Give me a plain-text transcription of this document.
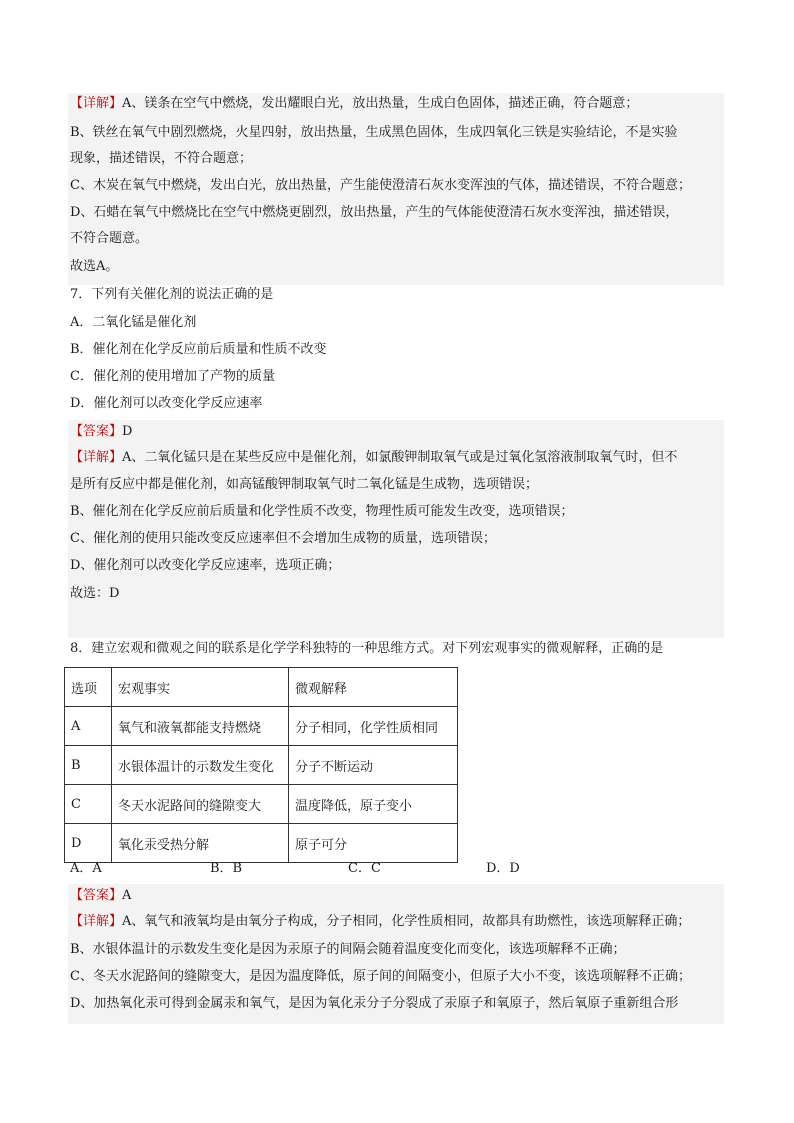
【详解】A、镁条在空气中燃烧，发出耀眼白光，放出热量，生成白色固体，描述正确，符合题意；
B、铁丝在氧气中剧烈燃烧，火星四射，放出热量，生成黑色固体，生成四氧化三铁是实验结论，不是实验
现象，描述错误，不符合题意；
C、木炭在氧气中燃烧，发出白光，放出热量，产生能使澄清石灰水变浑浊的气体，描述错误，不符合题意；
D、石蜡在氧气中燃烧比在空气中燃烧更剧烈，放出热量，产生的气体能使澄清石灰水变浑浊，描述错误，
不符合题意。
故选A。
7．下列有关催化剂的说法正确的是
A．二氧化锰是催化剂
B．催化剂在化学反应前后质量和性质不改变
C．催化剂的使用增加了产物的质量
D．催化剂可以改变化学反应速率
【答案】D
【详解】A、二氧化锰只是在某些反应中是催化剂，如氯酸钾制取氧气或是过氧化氢溶液制取氧气时，但不
是所有反应中都是催化剂，如高锰酸钾制取氧气时二氧化锰是生成物，选项错误；
B、催化剂在化学反应前后质量和化学性质不改变，物理性质可能发生改变，选项错误；
C、催化剂的使用只能改变反应速率但不会增加生成物的质量，选项错误；
D、催化剂可以改变化学反应速率，选项正确；
故选：D
8．建立宏观和微观之间的联系是化学学科独特的一种思维方式。对下列宏观事实的微观解释，正确的是
选项	宏观事实	微观解释
A	氧气和液氧都能支持燃烧	分子相同，化学性质相同
B	水银体温计的示数发生变化	分子不断运动
C	冬天水泥路间的缝隙变大	温度降低，原子变小
D	氧化汞受热分解	原子可分
A．A	B．B	C．C	D．D
【答案】A
【详解】A、氧气和液氧均是由氧分子构成，分子相同，化学性质相同，故都具有助燃性，该选项解释正确；
B、水银体温计的示数发生变化是因为汞原子的间隔会随着温度变化而变化，该选项解释不正确；
C、冬天水泥路间的缝隙变大，是因为温度降低，原子间的间隔变小，但原子大小不变，该选项解释不正确；
D、加热氧化汞可得到金属汞和氧气，是因为氧化汞分子分裂成了汞原子和氧原子，然后氧原子重新组合形
